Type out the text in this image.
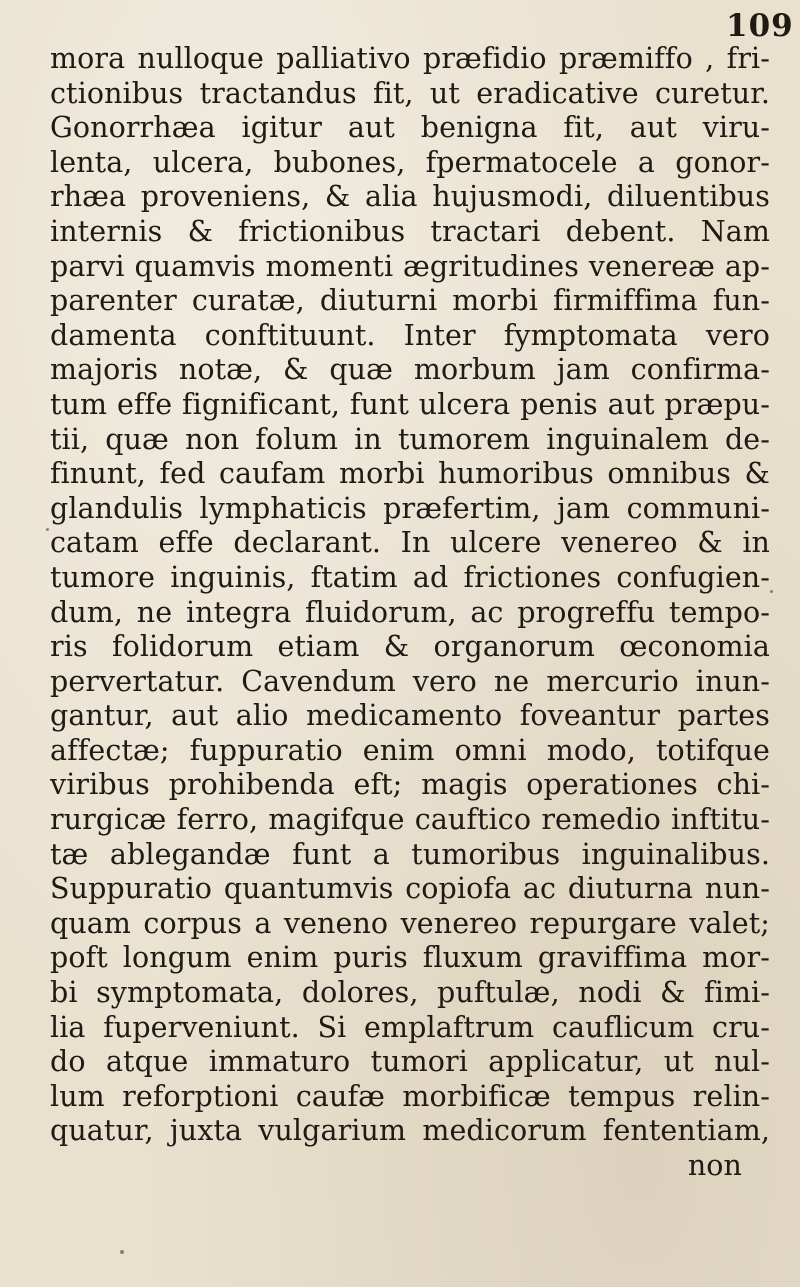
109
mora nulloque palliativo præfidio præmiffo , fri-
ctionibus tractandus fit, ut eradicative curetur.
Gonorrhæa igitur aut benigna fit, aut viru-
lenta, ulcera, bubones, fpermatocele a gonor-
rhæa proveniens, & alia hujusmodi, diluentibus
internis & frictionibus tractari debent. Nam
parvi quamvis momenti ægritudines venereæ ap-
parenter curatæ, diuturni morbi firmiffima fun-
damenta conftituunt. Inter fymptomata vero
majoris notæ, & quæ morbum jam confirma-
tum effe fignificant, funt ulcera penis aut præpu-
tii, quæ non folum in tumorem inguinalem de-
finunt, fed caufam morbi humoribus omnibus &
glandulis lymphaticis præfertim, jam communi-
catam effe declarant. In ulcere venereo & in
tumore inguinis, ftatim ad frictiones confugien-
dum, ne integra fluidorum, ac progreffu tempo-
ris folidorum etiam & organorum œconomia
pervertatur. Cavendum vero ne mercurio inun-
gantur, aut alio medicamento foveantur partes
affectæ; fuppuratio enim omni modo, totifque
viribus prohibenda eft; magis operationes chi-
rurgicæ ferro, magifque cauftico remedio inftitu-
tæ ablegandæ funt a tumoribus inguinalibus.
Suppuratio quantumvis copiofa ac diuturna nun-
quam corpus a veneno venereo repurgare valet;
poft longum enim puris fluxum graviffima mor-
bi symptomata, dolores, puftulæ, nodi & fimi-
lia fuperveniunt. Si emplaftrum cauflicum cru-
do atque immaturo tumori applicatur, ut nul-
lum reforptioni caufæ morbificæ tempus relin-
quatur, juxta vulgarium medicorum fententiam,
non
